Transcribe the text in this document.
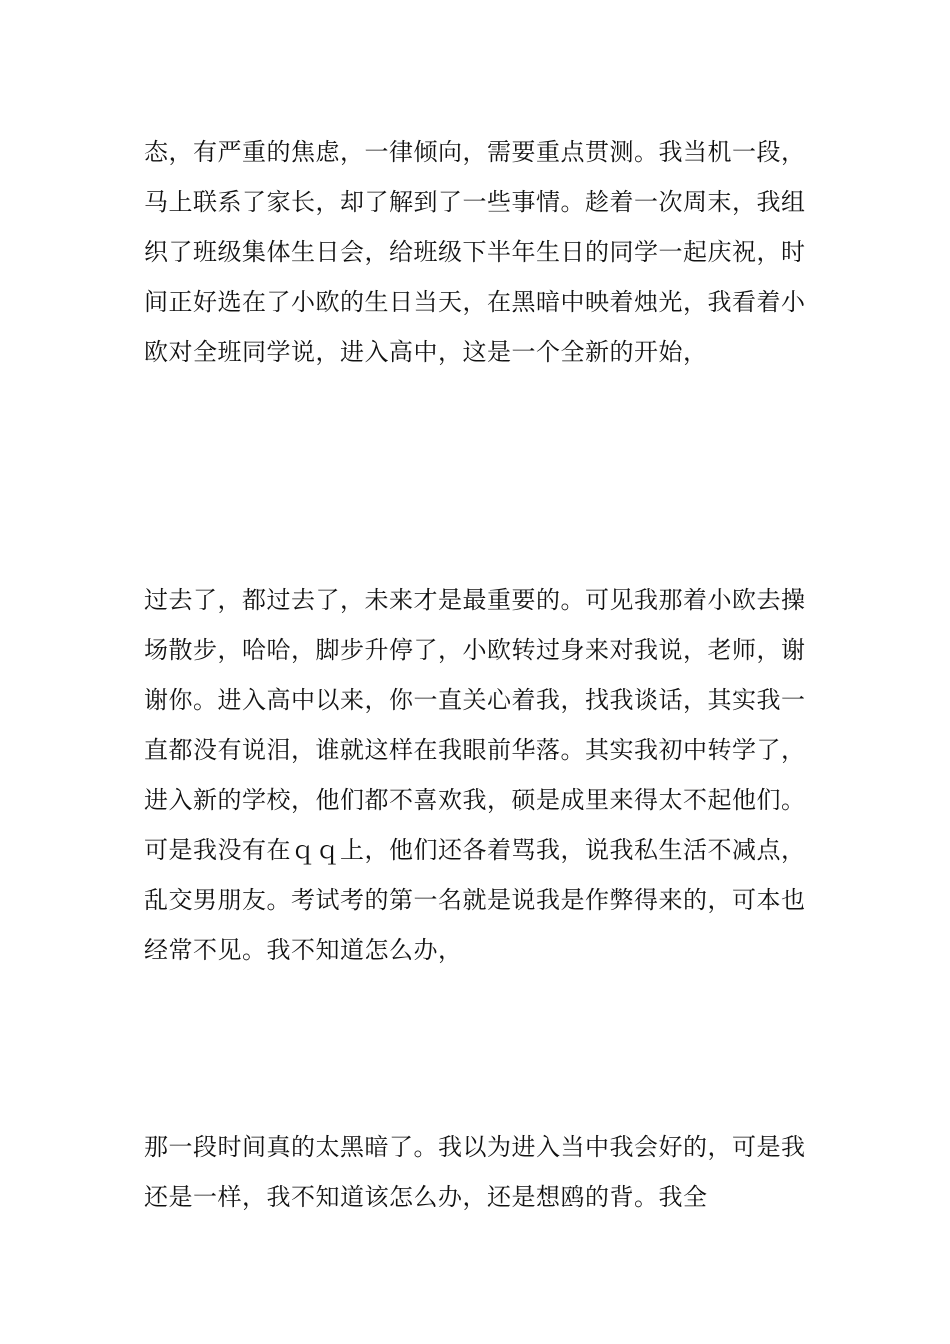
态，有严重的焦虑，一律倾向，需要重点贯测。我当机一段，马上联系了家长，却了解到了一些事情。趁着一次周末，我组织了班级集体生日会，给班级下半年生日的同学一起庆祝，时间正好选在了小欧的生日当天，在黑暗中映着烛光，我看着小欧对全班同学说，进入高中，这是一个全新的开始，

过去了，都过去了，未来才是最重要的。可见我那着小欧去操场散步，哈哈，脚步升停了，小欧转过身来对我说，老师，谢谢你。进入高中以来，你一直关心着我，找我谈话，其实我一直都没有说泪，谁就这样在我眼前华落。其实我初中转学了，进入新的学校，他们都不喜欢我，硕是成里来得太不起他们。可是我没有在ｑｑ上，他们还各着骂我，说我私生活不减点，乱交男朋友。考试考的第一名就是说我是作弊得来的，可本也经常不见。我不知道怎么办，

那一段时间真的太黑暗了。我以为进入当中我会好的，可是我还是一样，我不知道该怎么办，还是想鸥的背。我全
